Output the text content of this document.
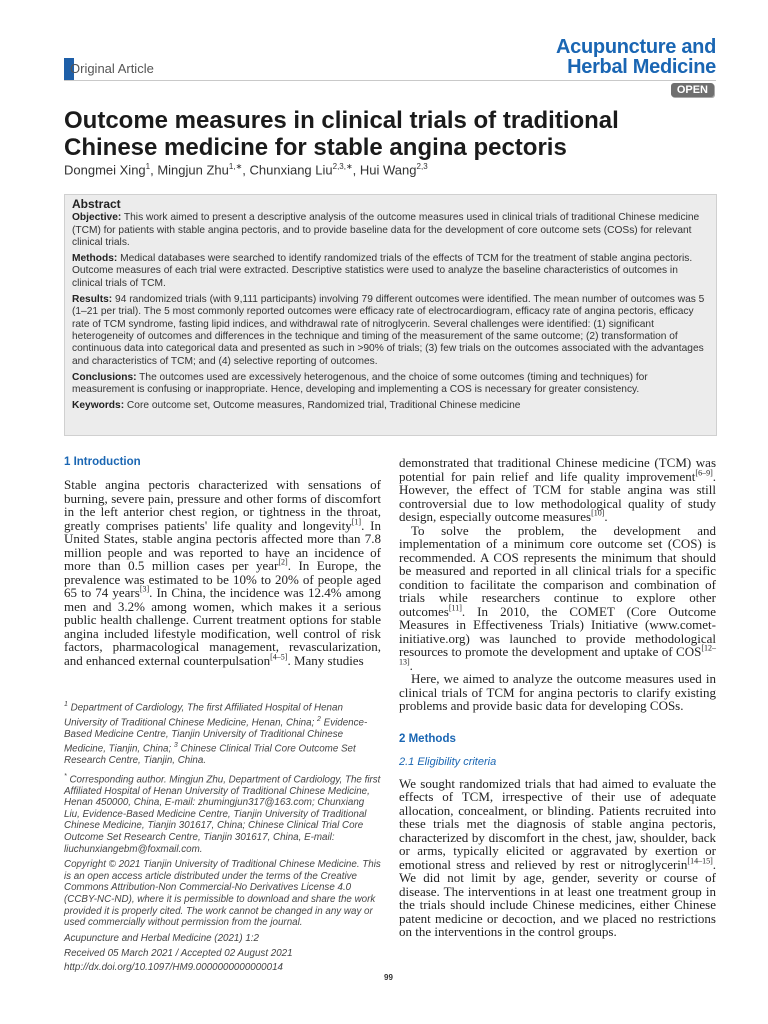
Original Article
Acupuncture and
Herbal Medicine
OPEN
Outcome measures in clinical trials of traditional
Chinese medicine for stable angina pectoris
Dongmei Xing$^1$, Mingjun Zhu$^{1,∗}$, Chunxiang Liu$^{2,3,∗}$, Hui Wang$^{2,3}$
Abstract

Objective: This work aimed to present a descriptive analysis of the outcome measures used in clinical trials of traditional Chinese medicine (TCM) for patients with stable angina pectoris, and to provide baseline data for the development of core outcome sets (COSs) for relevant clinical trials.

Methods: Medical databases were searched to identify randomized trials of the effects of TCM for the treatment of stable angina pectoris. Outcome measures of each trial were extracted. Descriptive statistics were used to analyze the baseline characteristics of outcomes in clinical trials of TCM.

Results: 94 randomized trials (with 9,111 participants) involving 79 different outcomes were identified. The mean number of outcomes was 5 (1–21 per trial). The 5 most commonly reported outcomes were efficacy rate of electrocardiogram, efficacy rate of angina pectoris, efficacy rate of TCM syndrome, fasting lipid indices, and withdrawal rate of nitroglycerin. Several challenges were identified: (1) significant heterogeneity of outcomes and differences in the technique and timing of the measurement of the same outcome; (2) transformation of continuous data into categorical data and presented as such in >90% of trials; (3) few trials on the outcomes associated with the advantages and characteristics of TCM; and (4) selective reporting of outcomes.

Conclusions: The outcomes used are excessively heterogenous, and the choice of some outcomes (timing and techniques) for measurement is confusing or inappropriate. Hence, developing and implementing a COS is necessary for greater consistency.

Keywords: Core outcome set, Outcome measures, Randomized trial, Traditional Chinese medicine

1 Introduction

Stable angina pectoris characterized with sensations of burning, severe pain, pressure and other forms of discomfort in the left anterior chest region, or tightness in the throat, greatly comprises patients' life quality and longevity[1]. In United States, stable angina pectoris affected more than 7.8 million people and was reported to have an incidence of more than 0.5 million cases per year[2]. In Europe, the prevalence was estimated to be 10% to 20% of people aged 65 to 74 years[3]. In China, the incidence was 12.4% among men and 3.2% among women, which makes it a serious public health challenge. Current treatment options for stable angina included lifestyle modification, well control of risk factors, pharmacological management, revascularization, and enhanced external counterpulsation[4–5]. Many studies

$^1$ Department of Cardiology, The first Affiliated Hospital of Henan University of Traditional Chinese Medicine, Henan, China; $^2$ Evidence-Based Medicine Centre, Tianjin University of Traditional Chinese Medicine, Tianjin, China; $^3$ Chinese Clinical Trial Core Outcome Set Research Centre, Tianjin, China.

* Corresponding author. Mingjun Zhu, Department of Cardiology, The first Affiliated Hospital of Henan University of Traditional Chinese Medicine, Henan 450000, China, E-mail: zhumingjun317@163.com; Chunxiang Liu, Evidence-Based Medicine Centre, Tianjin University of Traditional Chinese Medicine, Tianjin 301617, China; Chinese Clinical Trial Core Outcome Set Research Centre, Tianjin 301617, China, E-mail: liuchunxiangebm@foxmail.com.

Copyright © 2021 Tianjin University of Traditional Chinese Medicine. This is an open access article distributed under the terms of the Creative Commons Attribution-Non Commercial-No Derivatives License 4.0 (CCBY-NC-ND), where it is permissible to download and share the work provided it is properly cited. The work cannot be changed in any way or used commercially without permission from the journal.

Acupuncture and Herbal Medicine (2021) 1:2

Received 05 March 2021 / Accepted 02 August 2021

http://dx.doi.org/10.1097/HM9.0000000000000014

demonstrated that traditional Chinese medicine (TCM) was potential for pain relief and life quality improvement[6–9]. However, the effect of TCM for stable angina was still controversial due to low methodological quality of study design, especially outcome measures[10].

To solve the problem, the development and implementation of a minimum core outcome set (COS) is recommended. A COS represents the minimum that should be measured and reported in all clinical trials for a specific condition to facilitate the comparison and combination of trials while researchers continue to explore other outcomes[11]. In 2010, the COMET (Core Outcome Measures in Effectiveness Trials) Initiative (www.comet-initiative.org) was launched to provide methodological resources to promote the development and uptake of COS[12–13].

Here, we aimed to analyze the outcome measures used in clinical trials of TCM for angina pectoris to clarify existing problems and provide basic data for developing COSs.

2 Methods

2.1 Eligibility criteria

We sought randomized trials that had aimed to evaluate the effects of TCM, irrespective of their use of adequate allocation, concealment, or blinding. Patients recruited into these trials met the diagnosis of stable angina pectoris, characterized by discomfort in the chest, jaw, shoulder, back or arms, typically elicited or aggravated by exertion or emotional stress and relieved by rest or nitroglycerin[14–15]. We did not limit by age, gender, severity or course of disease. The interventions in at least one treatment group in the trials should include Chinese medicines, either Chinese patent medicine or decoction, and we placed no restrictions on the interventions in the control groups.

99
